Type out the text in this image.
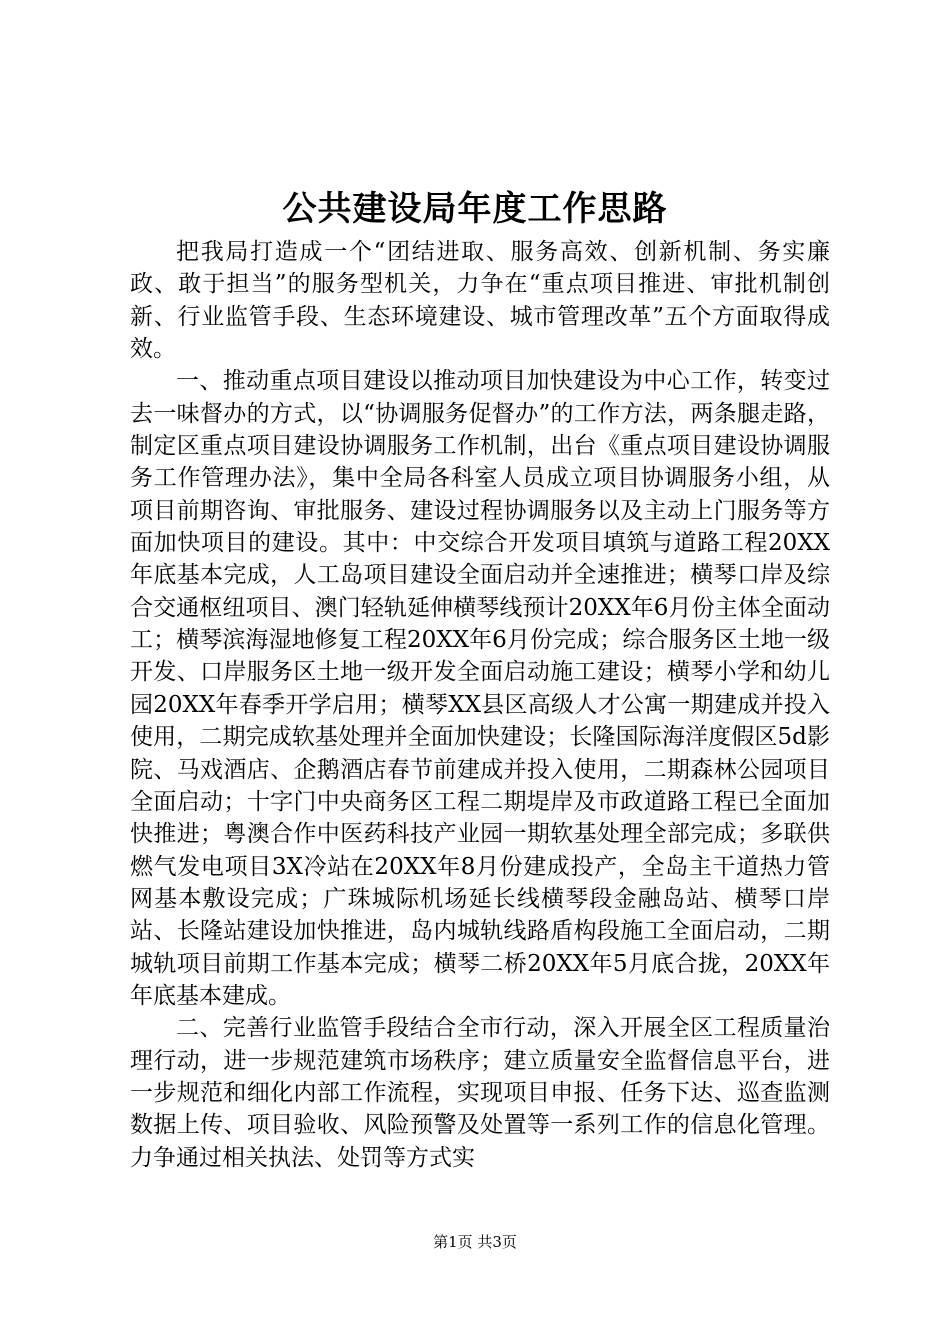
公共建设局年度工作思路

把我局打造成一个“团结进取、服务高效、创新机制、务实廉政、敢于担当”的服务型机关，力争在“重点项目推进、审批机制创新、行业监管手段、生态环境建设、城市管理改革”五个方面取得成效。

一、推动重点项目建设以推动项目加快建设为中心工作，转变过去一味督办的方式，以“协调服务促督办”的工作方法，两条腿走路，制定区重点项目建设协调服务工作机制，出台《重点项目建设协调服务工作管理办法》，集中全局各科室人员成立项目协调服务小组，从项目前期咨询、审批服务、建设过程协调服务以及主动上门服务等方面加快项目的建设。其中：中交综合开发项目填筑与道路工程20XX年底基本完成，人工岛项目建设全面启动并全速推进；横琴口岸及综合交通枢纽项目、澳门轻轨延伸横琴线预计20XX年6月份主体全面动工；横琴滨海湿地修复工程20XX年6月份完成；综合服务区土地一级开发、口岸服务区土地一级开发全面启动施工建设；横琴小学和幼儿园20XX年春季开学启用；横琴XX县区高级人才公寓一期建成并投入使用，二期完成软基处理并全面加快建设；长隆国际海洋度假区5d影院、马戏酒店、企鹅酒店春节前建成并投入使用，二期森林公园项目全面启动；十字门中央商务区工程二期堤岸及市政道路工程已全面加快推进；粤澳合作中医药科技产业园一期软基处理全部完成；多联供燃气发电项目3X冷站在20XX年8月份建成投产，全岛主干道热力管网基本敷设完成；广珠城际机场延长线横琴段金融岛站、横琴口岸站、长隆站建设加快推进，岛内城轨线路盾构段施工全面启动，二期城轨项目前期工作基本完成；横琴二桥20XX年5月底合拢，20XX年年底基本建成。

二、完善行业监管手段结合全市行动，深入开展全区工程质量治理行动，进一步规范建筑市场秩序；建立质量安全监督信息平台，进一步规范和细化内部工作流程，实现项目申报、任务下达、巡查监测数据上传、项目验收、风险预警及处置等一系列工作的信息化管理。力争通过相关执法、处罚等方式实

第1页 共3页
